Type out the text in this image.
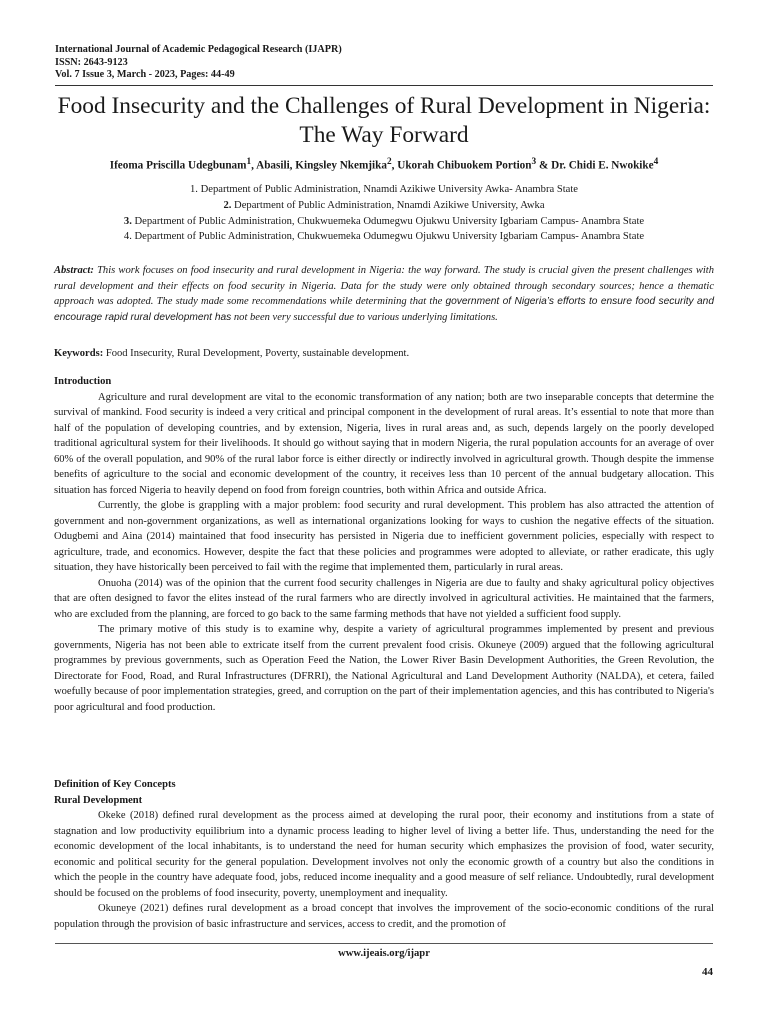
International Journal of Academic Pedagogical Research (IJAPR)
ISSN: 2643-9123
Vol. 7 Issue 3, March - 2023, Pages: 44-49
Food Insecurity and the Challenges of Rural Development in Nigeria: The Way Forward
Ifeoma Priscilla Udegbunam$^1$, Abasili, Kingsley Nkemjika$^2$, Ukorah Chibuokem Portion$^3$ & Dr. Chidi E. Nwokike$^4$
1. Department of Public Administration, Nnamdi Azikiwe University Awka- Anambra State
2. Department of Public Administration, Nnamdi Azikiwe University, Awka
3. Department of Public Administration, Chukwuemeka Odumegwu Ojukwu University Igbariam Campus- Anambra State
4. Department of Public Administration, Chukwuemeka Odumegwu Ojukwu University Igbariam Campus- Anambra State
Abstract: This work focuses on food insecurity and rural development in Nigeria: the way forward. The study is crucial given the present challenges with rural development and their effects on food security in Nigeria. Data for the study were only obtained through secondary sources; hence a thematic approach was adopted. The study made some recommendations while determining that the government of Nigeria’s efforts to ensure food security and encourage rapid rural development has not been very successful due to various underlying limitations.
Keywords: Food Insecurity, Rural Development, Poverty, sustainable development.
Introduction
Agriculture and rural development are vital to the economic transformation of any nation; both are two inseparable concepts that determine the survival of mankind. Food security is indeed a very critical and principal component in the development of rural areas. It’s essential to note that more than half of the population of developing countries, and by extension, Nigeria, lives in rural areas and, as such, depends largely on the poorly developed traditional agricultural system for their livelihoods. It should go without saying that in modern Nigeria, the rural population accounts for an average of over 60% of the overall population, and 90% of the rural labor force is either directly or indirectly involved in agricultural growth. Though despite the immense benefits of agriculture to the social and economic development of the country, it receives less than 10 percent of the annual budgetary allocation. This situation has forced Nigeria to heavily depend on food from foreign countries, both within Africa and outside Africa.
Currently, the globe is grappling with a major problem: food security and rural development. This problem has also attracted the attention of government and non-government organizations, as well as international organizations looking for ways to cushion the negative effects of the situation. Odugbemi and Aina (2014) maintained that food insecurity has persisted in Nigeria due to inefficient government policies, especially with respect to agriculture, trade, and economics. However, despite the fact that these policies and programmes were adopted to alleviate, or rather eradicate, this ugly situation, they have historically been perceived to fail with the regime that implemented them, particularly in rural areas.
Onuoha (2014) was of the opinion that the current food security challenges in Nigeria are due to faulty and shaky agricultural policy objectives that are often designed to favor the elites instead of the rural farmers who are directly involved in agricultural activities. He maintained that the farmers, who are excluded from the planning, are forced to go back to the same farming methods that have not yielded a sufficient food supply.
The primary motive of this study is to examine why, despite a variety of agricultural programmes implemented by present and previous governments, Nigeria has not been able to extricate itself from the current prevalent food crisis. Okuneye (2009) argued that the following agricultural programmes by previous governments, such as Operation Feed the Nation, the Lower River Basin Development Authorities, the Green Revolution, the Directorate for Food, Road, and Rural Infrastructures (DFRRI), the National Agricultural and Land Development Authority (NALDA), et cetera, failed woefully because of poor implementation strategies, greed, and corruption on the part of their implementation agencies, and this has contributed to Nigeria's poor agricultural and food production.
Definition of Key Concepts
Rural Development
Okeke (2018) defined rural development as the process aimed at developing the rural poor, their economy and institutions from a state of stagnation and low productivity equilibrium into a dynamic process leading to higher level of living a better life. Thus, understanding the need for the economic development of the local inhabitants, is to understand the need for human security which emphasizes the provision of food, water security, economic and political security for the general population. Development involves not only the economic growth of a country but also the conditions in which the people in the country have adequate food, jobs, reduced income inequality and a good measure of self reliance. Undoubtedly, rural development should be focused on the problems of food insecurity, poverty, unemployment and inequality.
Okuneye (2021) defines rural development as a broad concept that involves the improvement of the socio-economic conditions of the rural population through the provision of basic infrastructure and services, access to credit, and the promotion of
www.ijeais.org/ijapr
44
